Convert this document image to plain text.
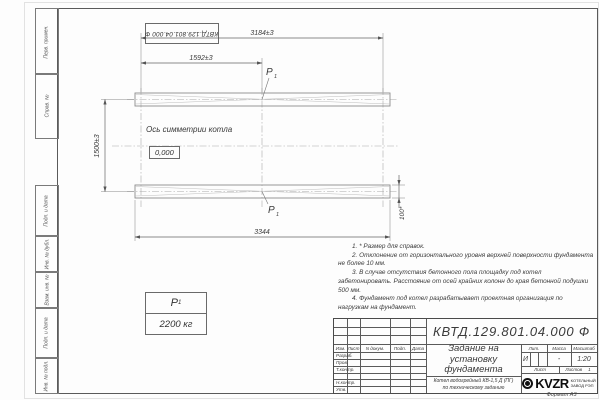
Перв. примен.
Справ. №
Подп. и дата
Инв. № дубл.
Взам. инв. №
Подп. и дата
Инв. № подл.
КВТД.129.801.04.000 Ф	3184±3
1592±3
1500±3
3344
100*
P 1
P 1
Ось симметрии котла
0,000

1. * Размер для справок.

2. Отклонение от горизонтального уровня верхней поверхности фундамента не более 10 мм.

3. В случае отсутствия бетонного пола площадку под котел забетонировать. Расстояние от осей крайних колонн до края бетонной подушки 500 мм.

4. Фундамент под котел разрабатывает проектная организация по нагрузкам на фундамент.

P 1
2200 кг	КВТД.129.801.04.000 Ф
Изм. Лист	N докум.	Подп.	Дата
Разраб.
Пров.
Т.контр.
Н.контр.
Утв.
Задание на установку фундамента
Котел водогрейный КВ-1,5 Д (ПГ)
по техническому заданию
Лит.	Масса	Масштаб
И	-	1:20
Лист	Листов 1
KVZR КОТЕЛЬНЫЙ
ЗАВОД РЭП
Формат А3
